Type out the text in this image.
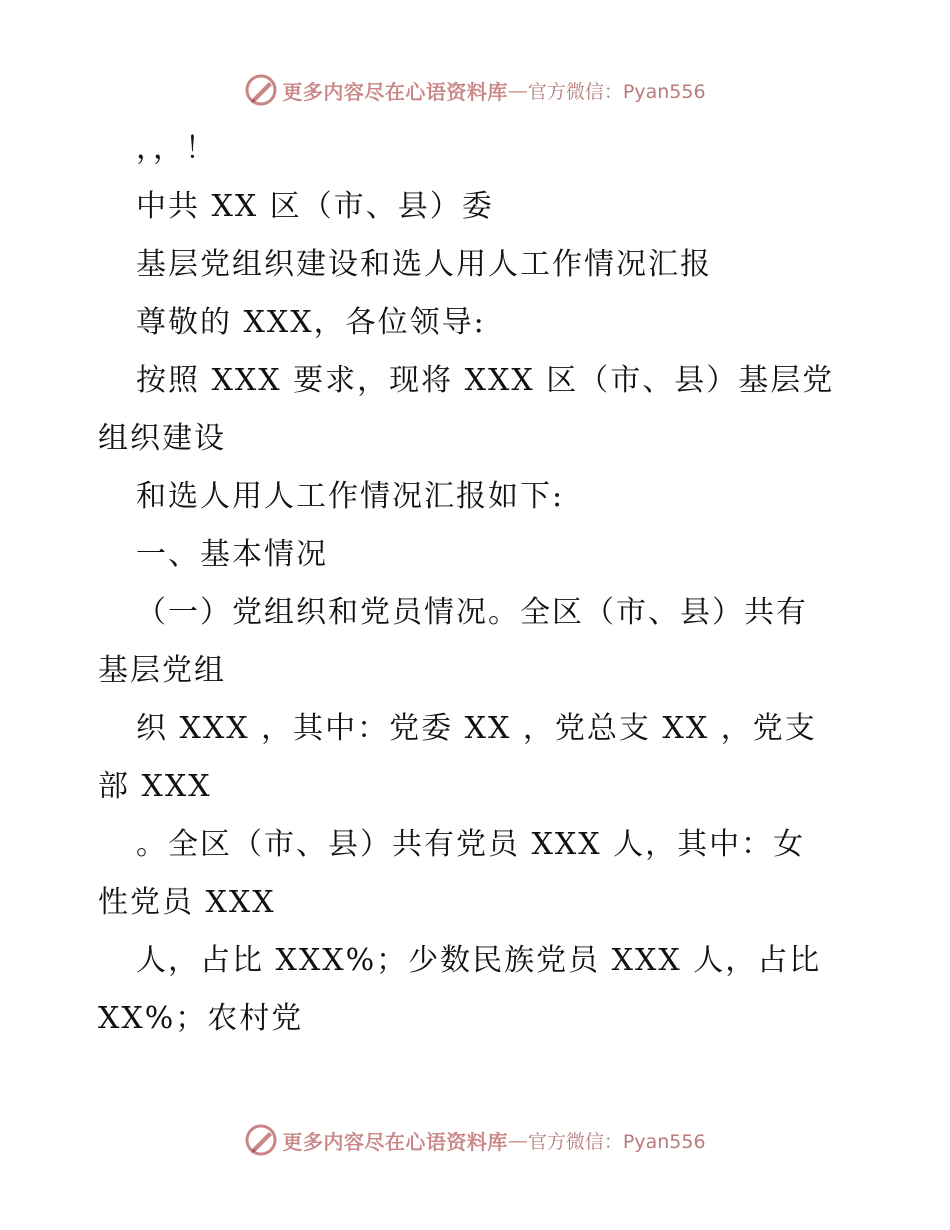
更多内容尽在心语资料库 — 官方微信：Pyan556
，，！
中共 XX 区（市、县）委
基层党组织建设和选人用人工作情况汇报
尊敬的 XXX，各位领导:
按照 XXX 要求，现将 XXX 区（市、县）基层党
组织建设
和选人用人工作情况汇报如下:
一、基本情况
（一）党组织和党员情况。全区（市、县）共有
基层党组
织 XXX ，其中：党委 XX ，党总支 XX ，党支
部 XXX
。全区（市、县）共有党员 XXX 人，其中：女
性党员 XXX
人，占比 XXX%；少数民族党员 XXX 人，占比
XX%；农村党
更多内容尽在心语资料库 — 官方微信：Pyan556
